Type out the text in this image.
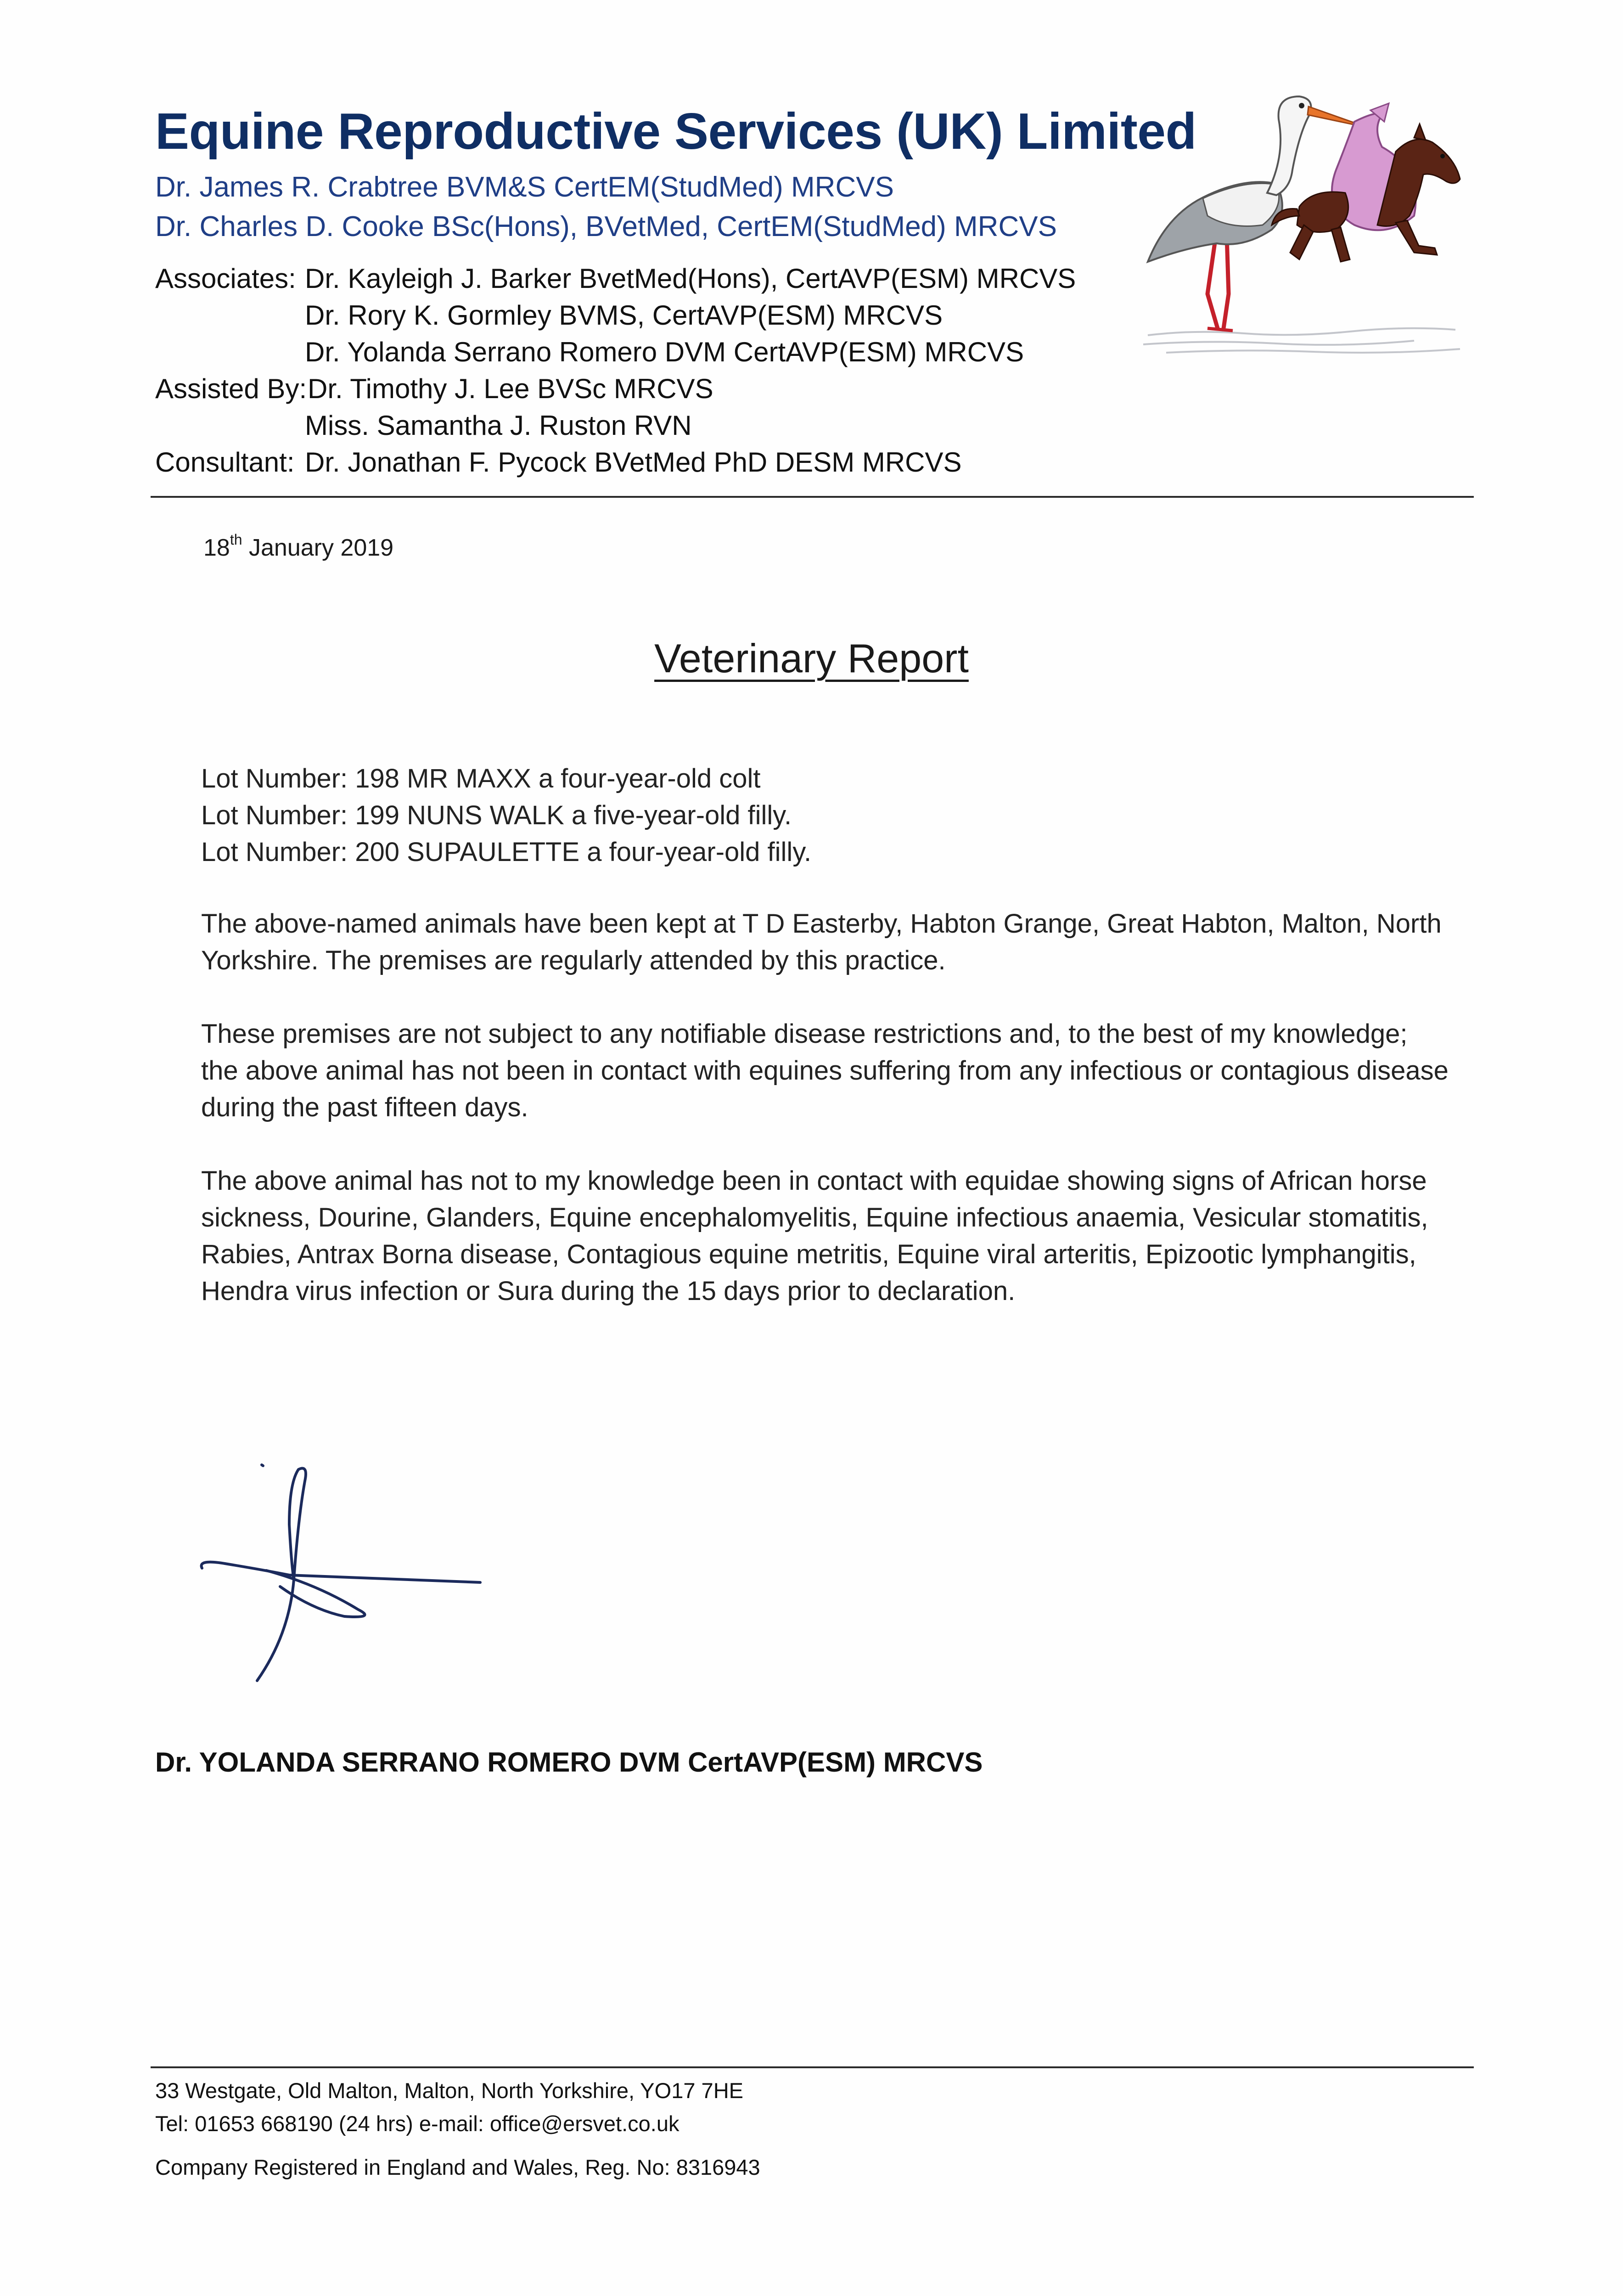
Equine Reproductive Services (UK) Limited
Dr. James R. Crabtree BVM&S CertEM(StudMed) MRCVS
Dr. Charles D. Cooke BSc(Hons), BVetMed, CertEM(StudMed) MRCVS
Associates: Dr. Kayleigh J. Barker BvetMed(Hons), CertAVP(ESM) MRCVS
Dr. Rory K. Gormley BVMS, CertAVP(ESM) MRCVS
Dr. Yolanda Serrano Romero DVM CertAVP(ESM) MRCVS
Assisted By: Dr. Timothy J. Lee BVSc MRCVS
Miss. Samantha J. Ruston RVN
Consultant: Dr. Jonathan F. Pycock BVetMed PhD DESM MRCVS
18th January 2019
Veterinary Report
Lot Number: 198 MR MAXX a four-year-old colt
Lot Number: 199 NUNS WALK a five-year-old filly.
Lot Number: 200 SUPAULETTE a four-year-old filly.
The above-named animals have been kept at T D Easterby, Habton Grange, Great Habton, Malton, North Yorkshire. The premises are regularly attended by this practice.
These premises are not subject to any notifiable disease restrictions and, to the best of my knowledge; the above animal has not been in contact with equines suffering from any infectious or contagious disease during the past fifteen days.
The above animal has not to my knowledge been in contact with equidae showing signs of African horse sickness, Dourine, Glanders, Equine encephalomyelitis, Equine infectious anaemia, Vesicular stomatitis, Rabies, Antrax Borna disease, Contagious equine metritis, Equine viral arteritis, Epizootic lymphangitis, Hendra virus infection or Sura during the 15 days prior to declaration.
Dr. YOLANDA SERRANO ROMERO DVM CertAVP(ESM) MRCVS
33 Westgate, Old Malton, Malton, North Yorkshire, YO17 7HE
Tel: 01653 668190 (24 hrs) e-mail: office@ersvet.co.uk
Company Registered in England and Wales, Reg. No: 8316943
